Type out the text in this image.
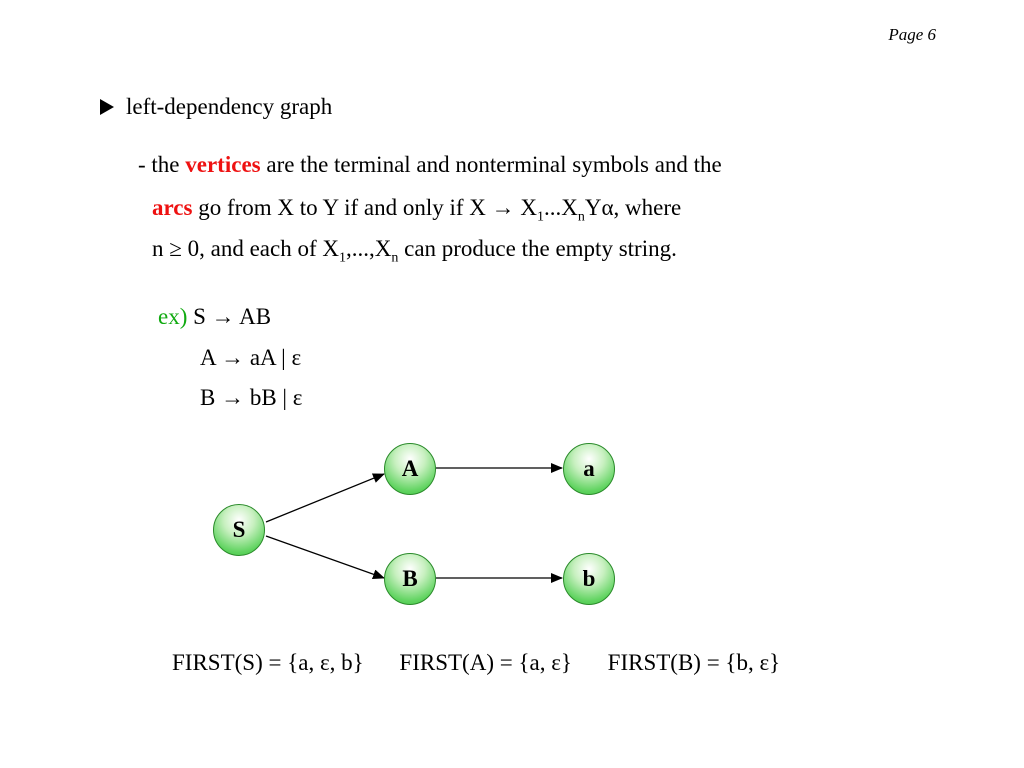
Page 6
left-dependency graph
- the vertices are the terminal and nonterminal symbols and the
arcs go from X to Y if and only if $X \to X_1...X_nY\alpha$, where
n ≥ 0, and each of $X_1,...,X_n$ can produce the empty string.
ex) S → AB
A → aA | ε
B → bB | ε
S
A
B
a
b
FIRST(S) = {a, ε, b} FIRST(A) = {a, ε} FIRST(B) = {b, ε}
